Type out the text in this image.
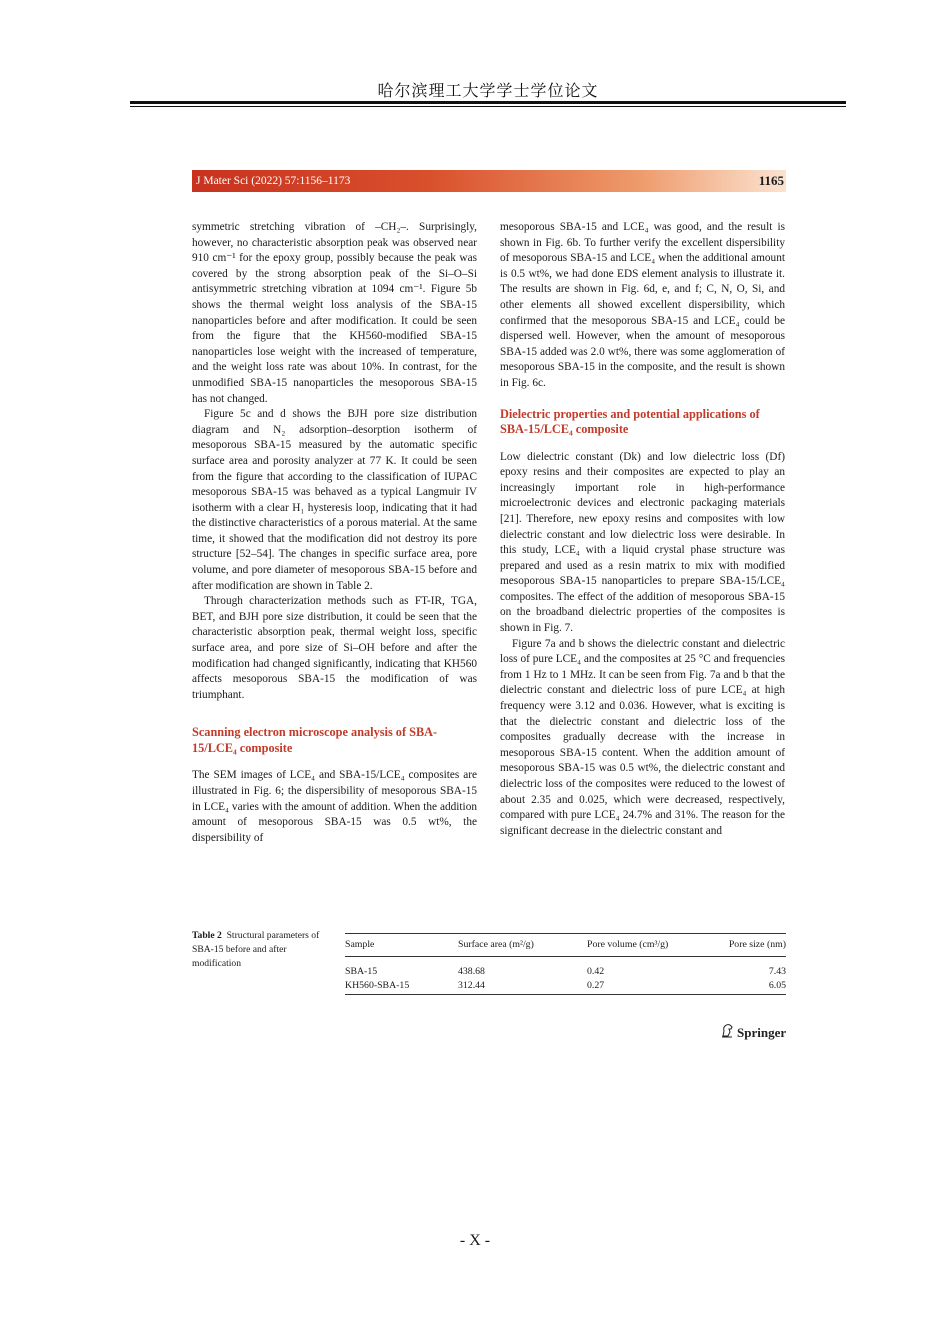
哈尔滨理工大学学士学位论文
J Mater Sci (2022) 57:1156–1173	1165

symmetric stretching vibration of –CH₂–. Surprisingly, however, no characteristic absorption peak was observed near 910 cm⁻¹ for the epoxy group, possibly because the peak was covered by the strong absorption peak of the Si–O–Si antisymmetric stretching vibration at 1094 cm⁻¹. Figure 5b shows the thermal weight loss analysis of the SBA-15 nanoparticles before and after modification. It could be seen from the figure that the KH560-modified SBA-15 nanoparticles lose weight with the increased of temperature, and the weight loss rate was about 10%. In contrast, for the unmodified SBA-15 nanoparticles the mesoporous SBA-15 has not changed.

Figure 5c and d shows the BJH pore size distribution diagram and N₂ adsorption–desorption isotherm of mesoporous SBA-15 measured by the automatic specific surface area and porosity analyzer at 77 K. It could be seen from the figure that according to the classification of IUPAC mesoporous SBA-15 was behaved as a typical Langmuir IV isotherm with a clear H₁ hysteresis loop, indicating that it had the distinctive characteristics of a porous material. At the same time, it showed that the modification did not destroy its pore structure [52–54]. The changes in specific surface area, pore volume, and pore diameter of mesoporous SBA-15 before and after modification are shown in Table 2.

Through characterization methods such as FT-IR, TGA, BET, and BJH pore size distribution, it could be seen that the characteristic absorption peak, thermal weight loss, specific surface area, and pore size of Si–OH before and after the modification had changed significantly, indicating that KH560 affects mesoporous SBA-15 the modification of was triumphant.

Scanning electron microscope analysis of SBA-15/LCE₄ composite

The SEM images of LCE₄ and SBA-15/LCE₄ composites are illustrated in Fig. 6; the dispersibility of mesoporous SBA-15 in LCE₄ varies with the amount of addition. When the addition amount of mesoporous SBA-15 was 0.5 wt%, the dispersibility of

mesoporous SBA-15 and LCE₄ was good, and the result is shown in Fig. 6b. To further verify the excellent dispersibility of mesoporous SBA-15 and LCE₄ when the additional amount is 0.5 wt%, we had done EDS element analysis to illustrate it. The results are shown in Fig. 6d, e, and f; C, N, O, Si, and other elements all showed excellent dispersibility, which confirmed that the mesoporous SBA-15 and LCE₄ could be dispersed well. However, when the amount of mesoporous SBA-15 added was 2.0 wt%, there was some agglomeration of mesoporous SBA-15 in the composite, and the result is shown in Fig. 6c.

Dielectric properties and potential applications of SBA-15/LCE₄ composite

Low dielectric constant (Dk) and low dielectric loss (Df) epoxy resins and their composites are expected to play an increasingly important role in high-performance microelectronic devices and electronic packaging materials [21]. Therefore, new epoxy resins and composites with low dielectric constant and low dielectric loss were desirable. In this study, LCE₄ with a liquid crystal phase structure was prepared and used as a resin matrix to mix with modified mesoporous SBA-15 nanoparticles to prepare SBA-15/LCE₄ composites. The effect of the addition of mesoporous SBA-15 on the broadband dielectric properties of the composites is shown in Fig. 7.

Figure 7a and b shows the dielectric constant and dielectric loss of pure LCE₄ and the composites at 25 °C and frequencies from 1 Hz to 1 MHz. It can be seen from Fig. 7a and b that the dielectric constant and dielectric loss of pure LCE₄ at high frequency were 3.12 and 0.036. However, what is exciting is that the dielectric constant and dielectric loss of the composites gradually decrease with the increase in mesoporous SBA-15 content. When the addition amount of mesoporous SBA-15 was 0.5 wt%, the dielectric constant and dielectric loss of the composites were reduced to the lowest of about 2.35 and 0.025, which were decreased, respectively, compared with pure LCE₄ 24.7% and 31%. The reason for the significant decrease in the dielectric constant and

Table 2 Structural parameters of SBA-15 before and after modification
Sample	Surface area (m²/g)	Pore volume (cm³/g)	Pore size (nm)
SBA-15	438.68	0.42	7.43
KH560-SBA-15	312.44	0.27	6.05
Springer
- X -
